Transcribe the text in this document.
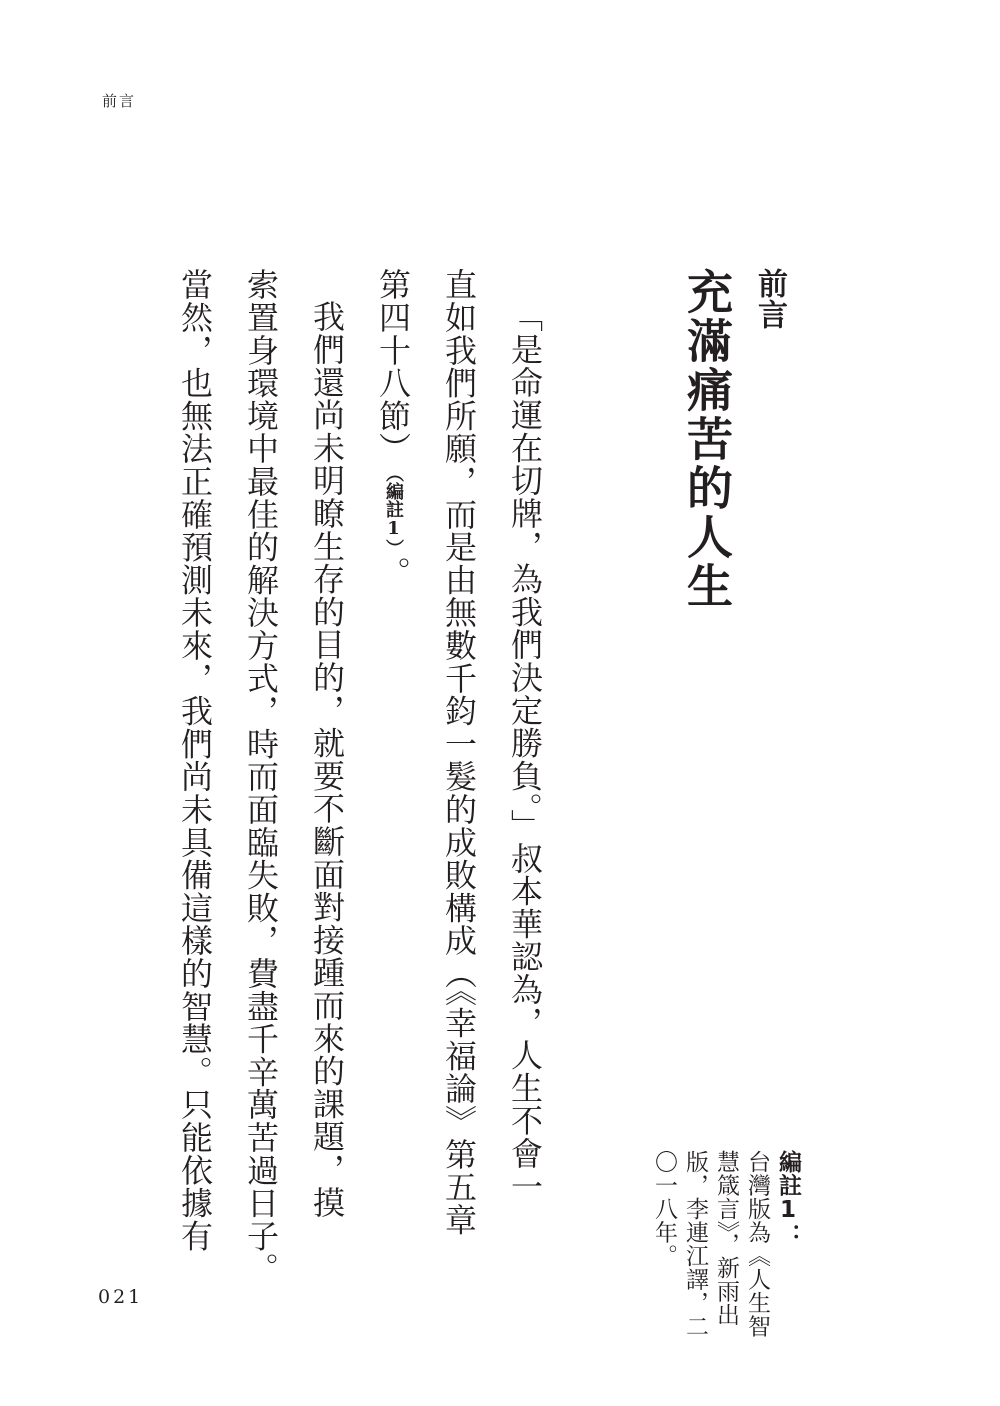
前言
前言
充滿痛苦的人生
「是命運在切牌，為我們決定勝負。」叔本華認為，人生不會一
直如我們所願，而是由無數千鈞一髮的成敗構成（《幸福論》第五章
第四十八節）（編註1）。
我們還尚未明瞭生存的目的，就要不斷面對接踵而來的課題，摸
索置身環境中最佳的解決方式，時而面臨失敗，費盡千辛萬苦過日子。
當然，也無法正確預測未來，我們尚未具備這樣的智慧。只能依據有	編註1：
台灣版為《人生智
慧箴言》，新雨出
版，李連江譯，二
〇一八年。
021
